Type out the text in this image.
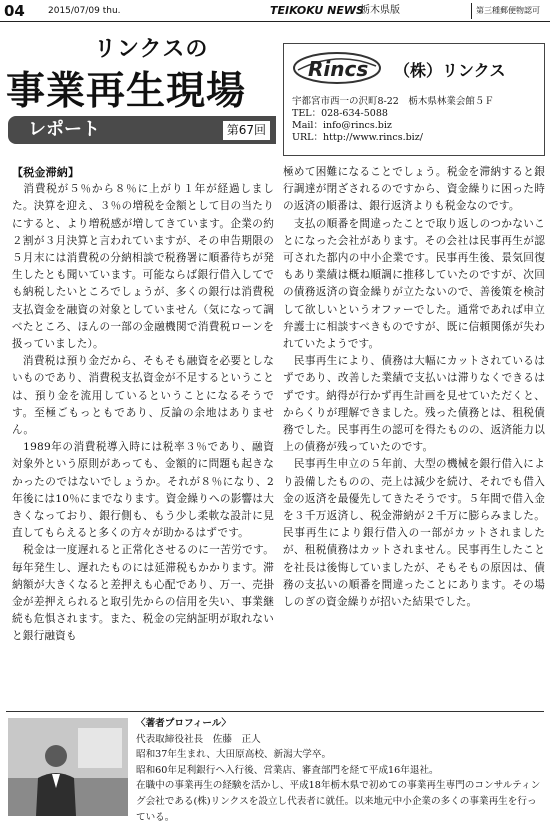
04	2015/07/09 thu.	TEIKOKU NEWS
栃木県版	第三種郵便物認可
リンクスの
事業再生現場
レポート	第67回
Rincs （株）リンクス
宇都宮市西一の沢町8-22　栃木県林業会館５Ｆ
TEL：028-634-5088
Mail：info@rincs.biz
URL：http://www.rincs.biz/

【税金滞納】

　消費税が５％から８％に上がり１年が経過しました。決算を迎え、３％の増税を金額として目の当たりにすると、より増税感が増してきています。企業の約２割が３月決算と言われていますが、その申告期限の５月末には消費税の分納相談で税務署に順番待ちが発生したとも聞いています。可能ならば銀行借入してでも納税したいところでしょうが、多くの銀行は消費税支払資金を融資の対象としていません（気になって調べたところ、ほんの一部の金融機関で消費税ローンを扱っていました）。

　消費税は預り金だから、そもそも融資を必要としないものであり、消費税支払資金が不足するということは、預り金を流用しているということになるそうです。至極ごもっともであり、反論の余地はありません。

　1989年の消費税導入時には税率３％であり、融資対象外という原則があっても、金額的に問題も起きなかったのではないでしょうか。それが８％になり、2年後には10％にまでなります。資金繰りへの影響は大きくなっており、銀行側も、もう少し柔軟な設計に見直してもらえると多くの方々が助かるはずです。

　税金は一度遅れると正常化させるのに一苦労です。毎年発生し、遅れたものには延滞税もかかります。滞納額が大きくなると差押えも心配であり、万一、売掛金が差押えられると取引先からの信用を失い、事業継続も危惧されます。また、税金の完納証明が取れないと銀行融資も

極めて困難になることでしょう。税金を滞納すると銀行調達が閉ざされるのですから、資金繰りに困った時の返済の順番は、銀行返済よりも税金なのです。

　支払の順番を間違ったことで取り返しのつかないことになった会社があります。その会社は民事再生が認可された都内の中小企業です。民事再生後、景気回復もあり業績は概ね順調に推移していたのですが、次回の債務返済の資金繰りが立たないので、善後策を検討して欲しいというオファーでした。通常であれば申立弁護士に相談すべきものですが、既に信頼関係が失われていたようです。

　民事再生により、債務は大幅にカットされているはずであり、改善した業績で支払いは滞りなくできるはずです。納得が行かず再生計画を見せていただくと、からくりが理解できました。残った債務とは、租税債務でした。民事再生の認可を得たものの、返済能力以上の債務が残っていたのです。

　民事再生申立の５年前、大型の機械を銀行借入により設備したものの、売上は減少を続け、それでも借入金の返済を最優先してきたそうです。５年間で借入金を３千万返済し、税金滞納が２千万に膨らみました。民事再生により銀行借入の一部がカットされましたが、租税債務はカットされません。民事再生したことを社長は後悔していましたが、そもそもの原因は、債務の支払いの順番を間違ったことにあります。その場しのぎの資金繰りが招いた結果でした。

〈著者プロフィール〉
代表取締役社長　佐藤　正人
昭和37年生まれ、大田原高校、新潟大学卒。
昭和60年足利銀行へ入行後、営業店、審査部門を経て平成16年退社。
在職中の事業再生の経験を活かし、平成18年栃木県で初めての事業再生専門のコンサルティング会社である(株)リンクスを設立し代表者に就任。以来地元中小企業の多くの事業再生を行っている。
